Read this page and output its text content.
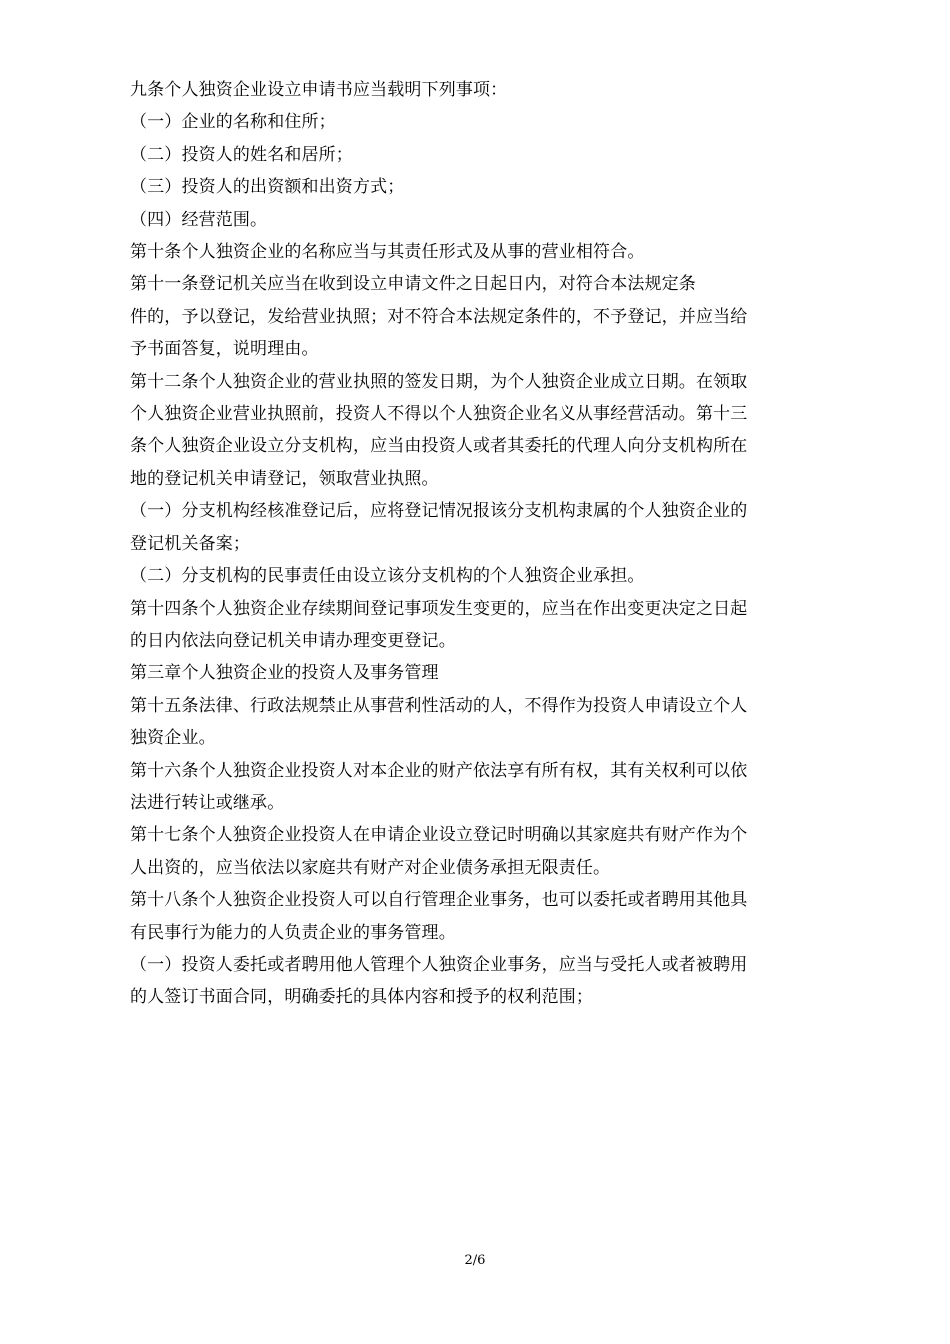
九条个人独资企业设立申请书应当载明下列事项：
（一）企业的名称和住所；
（二）投资人的姓名和居所；
（三）投资人的出资额和出资方式；
（四）经营范围。
第十条个人独资企业的名称应当与其责任形式及从事的营业相符合。
第十一条登记机关应当在收到设立申请文件之日起日内，对符合本法规定条
件的，予以登记，发给营业执照；对不符合本法规定条件的，不予登记，并应当给
予书面答复，说明理由。
第十二条个人独资企业的营业执照的签发日期，为个人独资企业成立日期。在领取
个人独资企业营业执照前，投资人不得以个人独资企业名义从事经营活动。第十三
条个人独资企业设立分支机构，应当由投资人或者其委托的代理人向分支机构所在
地的登记机关申请登记，领取营业执照。
（一）分支机构经核准登记后，应将登记情况报该分支机构隶属的个人独资企业的
登记机关备案；
（二）分支机构的民事责任由设立该分支机构的个人独资企业承担。
第十四条个人独资企业存续期间登记事项发生变更的，应当在作出变更决定之日起
的日内依法向登记机关申请办理变更登记。
第三章个人独资企业的投资人及事务管理
第十五条法律、行政法规禁止从事营利性活动的人，不得作为投资人申请设立个人
独资企业。
第十六条个人独资企业投资人对本企业的财产依法享有所有权，其有关权利可以依
法进行转让或继承。
第十七条个人独资企业投资人在申请企业设立登记时明确以其家庭共有财产作为个
人出资的，应当依法以家庭共有财产对企业债务承担无限责任。
第十八条个人独资企业投资人可以自行管理企业事务，也可以委托或者聘用其他具
有民事行为能力的人负责企业的事务管理。
（一）投资人委托或者聘用他人管理个人独资企业事务，应当与受托人或者被聘用
的人签订书面合同，明确委托的具体内容和授予的权利范围；
2/6
